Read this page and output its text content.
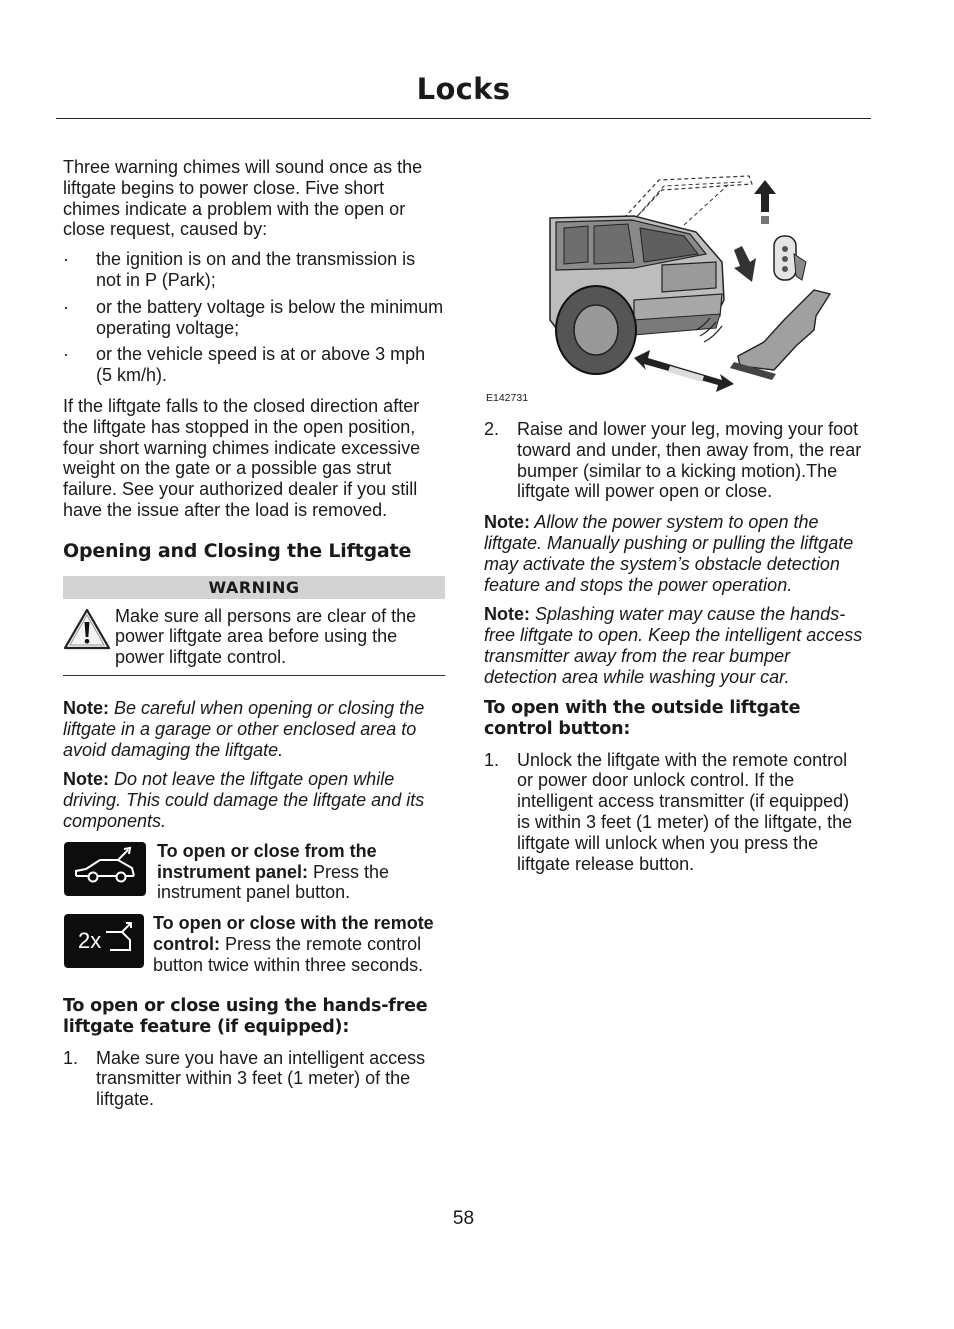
Locks

Three warning chimes will sound once as the liftgate begins to power close. Five short chimes indicate a problem with the open or close request, caused by:

· the ignition is on and the transmission is not in P (Park);
· or the battery voltage is below the minimum operating voltage;
· or the vehicle speed is at or above 3 mph (5 km/h).

If the liftgate falls to the closed direction after the liftgate has stopped in the open position, four short warning chimes indicate excessive weight on the gate or a possible gas strut failure. See your authorized dealer if you still have the issue after the load is removed.

Opening and Closing the Liftgate
WARNING
Make sure all persons are clear of the power liftgate area before using the power liftgate control.

Note: Be careful when opening or closing the liftgate in a garage or other enclosed area to avoid damaging the liftgate.

Note: Do not leave the liftgate open while driving. This could damage the liftgate and its components.

To open or close from the instrument panel: Press the instrument panel button.
2x
To open or close with the remote control: Press the remote control button twice within three seconds.
To open or close using the hands-free liftgate feature (if equipped):
1. Make sure you have an intelligent access transmitter within 3 feet (1 meter) of the liftgate.
E142731
2. Raise and lower your leg, moving your foot toward and under, then away from, the rear bumper (similar to a kicking motion).The liftgate will power open or close.

Note: Allow the power system to open the liftgate. Manually pushing or pulling the liftgate may activate the system’s obstacle detection feature and stops the power operation.

Note: Splashing water may cause the hands-free liftgate to open. Keep the intelligent access transmitter away from the rear bumper detection area while washing your car.

To open with the outside liftgate control button:
1. Unlock the liftgate with the remote control or power door unlock control. If the intelligent access transmitter (if equipped) is within 3 feet (1 meter) of the liftgate, the liftgate will unlock when you press the liftgate release button.
58
